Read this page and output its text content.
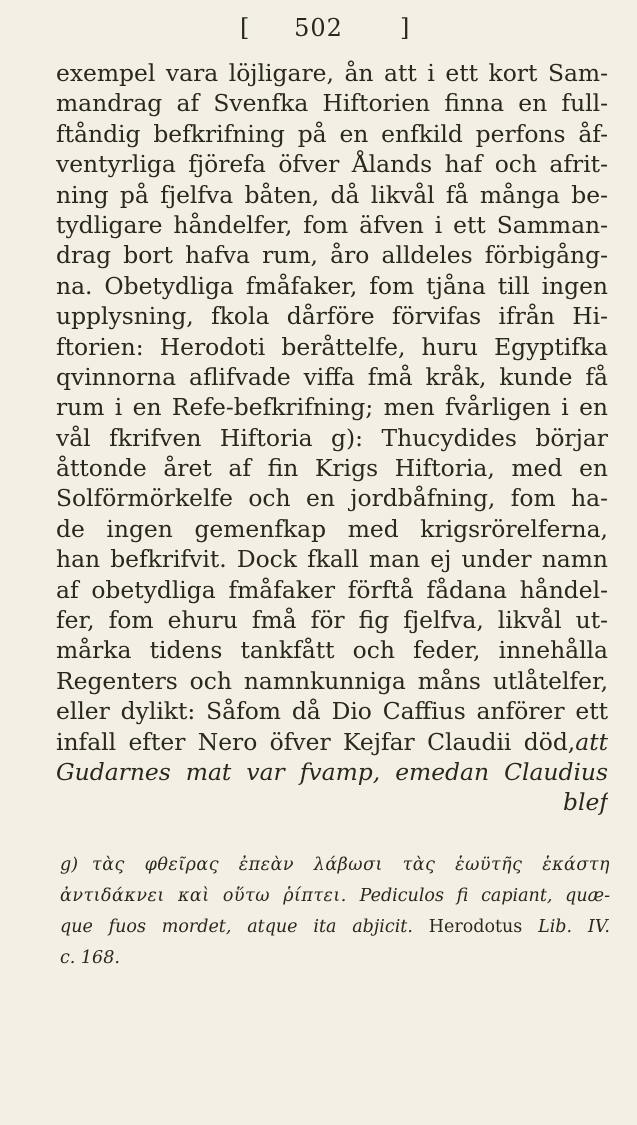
[ 502 ]
exempel vara löjligare, ån att i ett kort Sam-
mandrag af Svenfka Hiftorien finna en full-
ftåndig befkrifning på en enfkild perfons åf-
ventyrliga fjörefa öfver Ålands haf och afrit-
ning på fjelfva båten, då likvål få många be-
tydligare håndelfer, fom äfven i ett Samman-
drag bort hafva rum, åro alldeles förbigång-
na. Obetydliga fmåfaker, fom tjåna till ingen
upplysning, fkola dårföre förvifas ifrån Hi-
ftorien: Herodoti beråttelfe, huru Egyptifka
qvinnorna aflifvade viffa fmå kråk, kunde få
rum i en Refe-befkrifning; men fvårligen i en
vål fkrifven Hiftoria g): Thucydides börjar
åttonde året af fin Krigs Hiftoria, med en
Solförmörkelfe och en jordbåfning, fom ha-
de ingen gemenfkap med krigsrörelferna,
han befkrifvit. Dock fkall man ej under namn
af obetydliga fmåfaker förftå fådana håndel-
fer, fom ehuru fmå för fig fjelfva, likvål ut-
mårka tidens tankfått och feder, innehålla
Regenters och namnkunniga måns utlåtelfer,
eller dylikt: Såfom då Dio Caffius anförer ett
infall efter Nero öfver Kejfar Claudii död,att
Gudarnes mat var fvamp, emedan Claudius
blef
g) τὰς φθεῖρας ἐπεὰν λάβωσι τὰς ἑωϋτῆς ἑκάστη
ἀντιδάκνει καὶ οὕτω ῥίπτει. Pediculos fi capiant, quæ-
que fuos mordet, atque ita abjicit. Herodotus Lib. IV.
c. 168.
